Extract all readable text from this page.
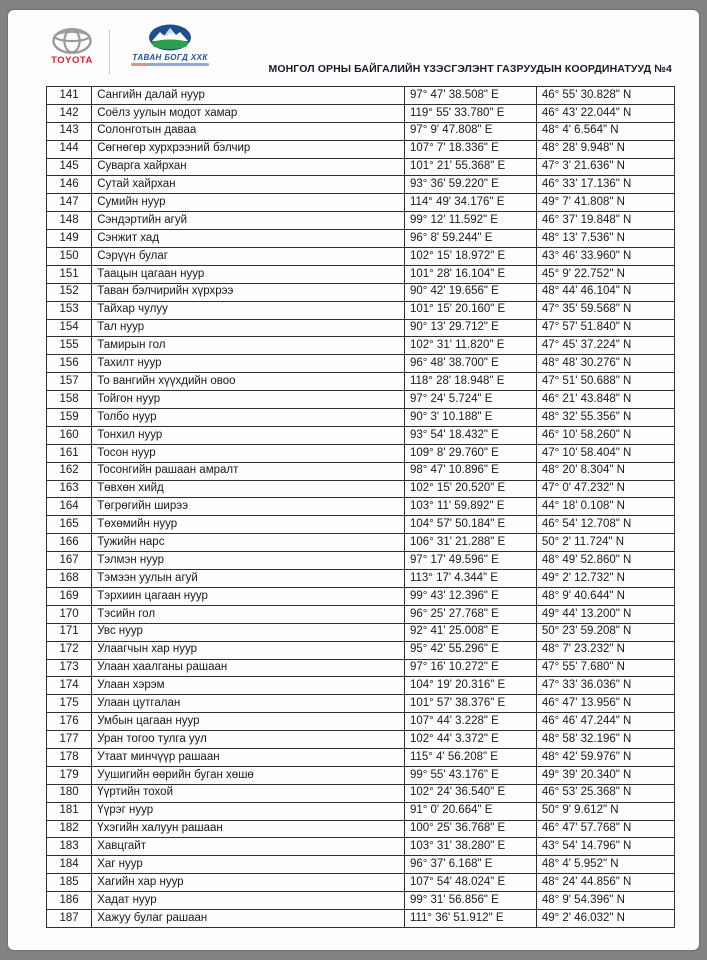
TOYOTA	ТАВАН БОГД ХХК
МОНГОЛ ОРНЫ БАЙГАЛИЙН ҮЗЭСГЭЛЭНТ ГАЗРУУДЫН КООРДИНАТУУД №4
141	Сангийн далай нуур	97° 47' 38.508" E	46° 55' 30.828" N
142	Соёлз уулын модот хамар	119° 55' 33.780" E	46° 43' 22.044" N
143	Солонготын даваа	97° 9' 47.808" E	48° 4' 6.564" N
144	Сөгнөгөр хурхрээний бэлчир	107° 7' 18.336" E	48° 28' 9.948" N
145	Суварга хайрхан	101° 21' 55.368" E	47° 3' 21.636" N
146	Сутай хайрхан	93° 36' 59.220" E	46° 33' 17.136" N
147	Сумийн нуур	114° 49' 34.176" E	49° 7' 41.808" N
148	Сэндэртийн агуй	99° 12' 11.592" E	46° 37' 19.848" N
149	Сэнжит хад	96° 8' 59.244" E	48° 13' 7.536" N
150	Сэрүүн булаг	102° 15' 18.972" E	43° 46' 33.960" N
151	Таацын цагаан нуур	101° 28' 16.104" E	45° 9' 22.752" N
152	Таван бэлчирийн хүрхрээ	90° 42' 19.656" E	48° 44' 46.104" N
153	Тайхар чулуу	101° 15' 20.160" E	47° 35' 59.568" N
154	Тал нуур	90° 13' 29.712" E	47° 57' 51.840" N
155	Тамирын гол	102° 31' 11.820" E	47° 45' 37.224" N
156	Тахилт нуур	96° 48' 38.700" E	48° 48' 30.276" N
157	То вангийн хүүхдийн овоо	118° 28' 18.948" E	47° 51' 50.688" N
158	Тойгон нуур	97° 24' 5.724" E	46° 21' 43.848" N
159	Толбо нуур	90° 3' 10.188" E	48° 32' 55.356" N
160	Тонхил нуур	93° 54' 18.432" E	46° 10' 58.260" N
161	Тосон нуур	109° 8' 29.760" E	47° 10' 58.404" N
162	Тосонгийн рашаан амралт	98° 47' 10.896" E	48° 20' 8.304" N
163	Төвхөн хийд	102° 15' 20.520" E	47° 0' 47.232" N
164	Төгрөгийн ширээ	103° 11' 59.892" E	44° 18' 0.108" N
165	Төхөмийн нуур	104° 57' 50.184" E	46° 54' 12.708" N
166	Тужийн нарс	106° 31' 21.288" E	50° 2' 11.724" N
167	Тэлмэн нуур	97° 17' 49.596" E	48° 49' 52.860" N
168	Тэмээн уулын агуй	113° 17' 4.344" E	49° 2' 12.732" N
169	Тэрхиин цагаан нуур	99° 43' 12.396" E	48° 9' 40.644" N
170	Тэсийн гол	96° 25' 27.768" E	49° 44' 13.200" N
171	Увс нуур	92° 41' 25.008" E	50° 23' 59.208" N
172	Улаагчын хар нуур	95° 42' 55.296" E	48° 7' 23.232" N
173	Улаан хаалганы рашаан	97° 16' 10.272" E	47° 55' 7.680" N
174	Улаан хэрэм	104° 19' 20.316" E	47° 33' 36.036" N
175	Улаан цутгалан	101° 57' 38.376" E	46° 47' 13.956" N
176	Умбын цагаан нуур	107° 44' 3.228" E	46° 46' 47.244" N
177	Уран тогоо тулга уул	102° 44' 3.372" E	48° 58' 32.196" N
178	Утаат минчүүр рашаан	115° 4' 56.208" E	48° 42' 59.976" N
179	Уушигийн өөрийн буган хөшө	99° 55' 43.176" E	49° 39' 20.340" N
180	Үүртийн тохой	102° 24' 36.540" E	46° 53' 25.368" N
181	Үүрэг нуур	91° 0' 20.664" E	50° 9' 9.612" N
182	Үхэгийн халуун рашаан	100° 25' 36.768" E	46° 47' 57.768" N
183	Хавцгайт	103° 31' 38.280" E	43° 54' 14.796" N
184	Хаг нуур	96° 37' 6.168" E	48° 4' 5.952" N
185	Хагийн хар нуур	107° 54' 48.024" E	48° 24' 44.856" N
186	Хадат нуур	99° 31' 56.856" E	48° 9' 54.396" N
187	Хажуу булаг рашаан	111° 36' 51.912" E	49° 2' 46.032" N
